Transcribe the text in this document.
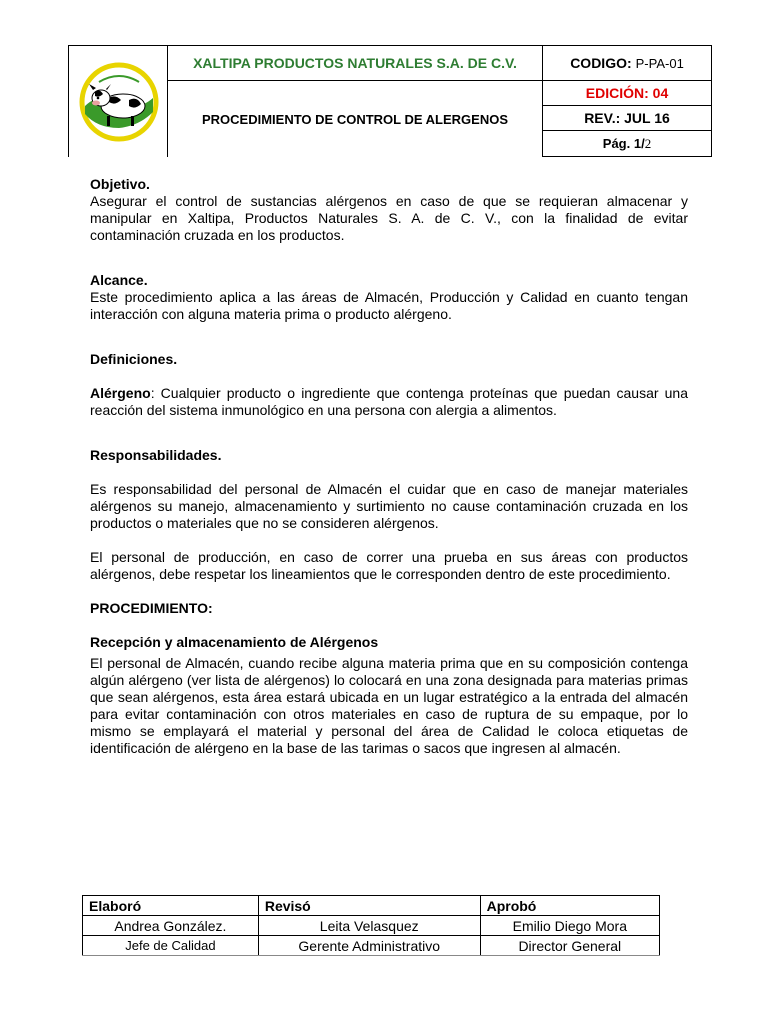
XALTIPA PRODUCTOS NATURALES S.A. DE C.V.
PROCEDIMIENTO DE CONTROL DE ALERGENOS
CODIGO: P-PA-01
EDICIÓN: 04
REV.: JUL 16
Pág. 1/ 2

Objetivo.

Asegurar el control de sustancias alérgenos en caso de que se requieran almacenar y manipular en Xaltipa, Productos Naturales S. A. de C. V., con la finalidad de evitar contaminación cruzada en los productos.

Alcance.

Este procedimiento aplica a las áreas de Almacén, Producción y Calidad en cuanto tengan interacción con alguna materia prima o producto alérgeno.

Definiciones.

Alérgeno: Cualquier producto o ingrediente que contenga proteínas que puedan causar una reacción del sistema inmunológico en una persona con alergia a alimentos.

Responsabilidades.

Es responsabilidad del personal de Almacén el cuidar que en caso de manejar materiales alérgenos su manejo, almacenamiento y surtimiento no cause contaminación cruzada en los productos o materiales que no se consideren alérgenos.

El personal de producción, en caso de correr una prueba en sus áreas con productos alérgenos, debe respetar los lineamientos que le corresponden dentro de este procedimiento.

PROCEDIMIENTO:

Recepción y almacenamiento de Alérgenos

El personal de Almacén, cuando recibe alguna materia prima que en su composición contenga algún alérgeno (ver lista de alérgenos) lo colocará en una zona designada para materias primas que sean alérgenos, esta área estará ubicada en un lugar estratégico a la entrada del almacén para evitar contaminación con otros materiales en caso de ruptura de su empaque, por lo mismo se emplayará el material y personal del área de Calidad le coloca etiquetas de identificación de alérgeno en la base de las tarimas o sacos que ingresen al almacén.

Elaboró	Revisó	Aprobó
Andrea González.	Leita Velasquez	Emilio Diego Mora
Jefe de Calidad	Gerente Administrativo	Director General
